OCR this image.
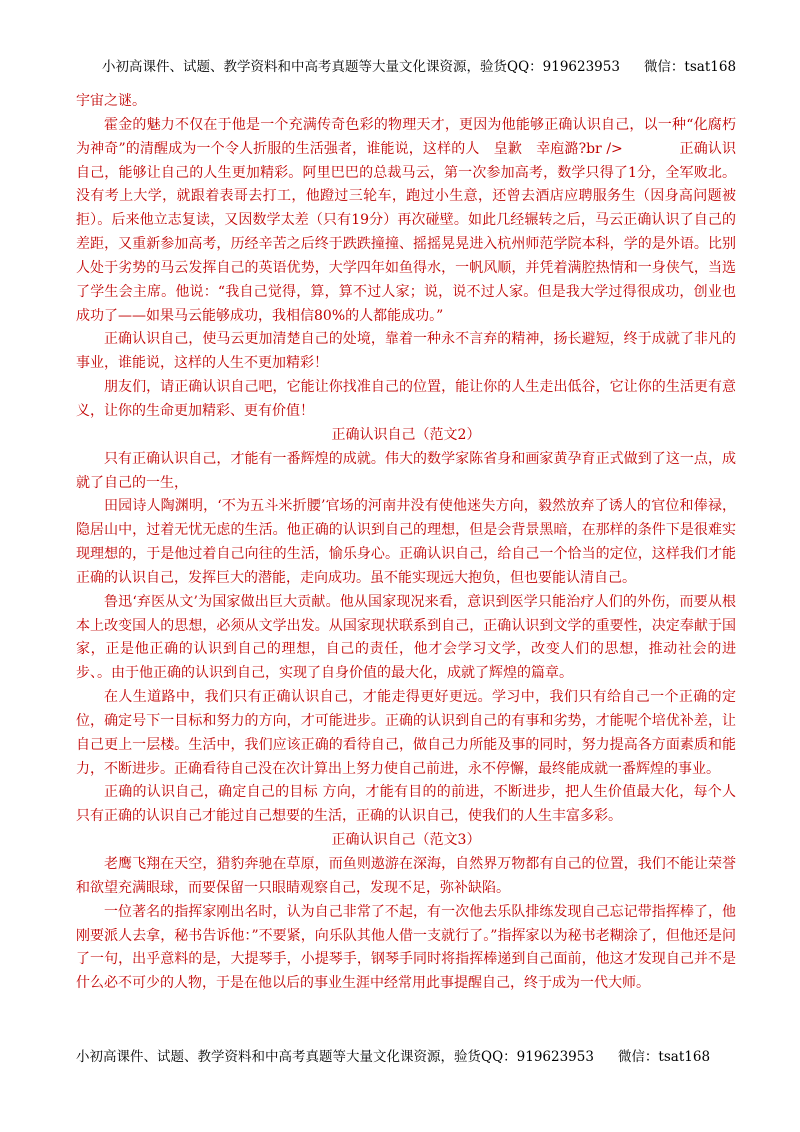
小初高课件、试题、教学资料和中高考真题等大量文化课资源，验货QQ：919623953 微信：tsat168

宇宙之谜。

霍金的魅力不仅在于他是一个充满传奇色彩的物理天才，更因为他能够正确认识自己，以一种“化腐朽为神奇”的清醒成为一个令人折服的生活强者，谁能说，这样的人　皇歉　幸庖潞?br />　　　　正确认识自己，能够让自己的人生更加精彩。阿里巴巴的总裁马云，第一次参加高考，数学只得了1分，全军败北。没有考上大学，就跟着表哥去打工，他蹬过三轮车，跑过小生意，还曾去酒店应聘服务生（因身高问题被拒）。后来他立志复读，又因数学太差（只有19分）再次碰壁。如此几经辗转之后，马云正确认识了自己的差距，又重新参加高考，历经辛苦之后终于跌跌撞撞、摇摇晃晃进入杭州师范学院本科，学的是外语。比别人处于劣势的马云发挥自己的英语优势，大学四年如鱼得水，一帆风顺，并凭着满腔热情和一身侠气，当选了学生会主席。他说：“我自己觉得，算，算不过人家；说，说不过人家。但是我大学过得很成功，创业也成功了——如果马云能够成功，我相信80%的人都能成功。”

正确认识自己，使马云更加清楚自己的处境，靠着一种永不言弃的精神，扬长避短，终于成就了非凡的事业，谁能说，这样的人生不更加精彩！

朋友们，请正确认识自己吧，它能让你找准自己的位置，能让你的人生走出低谷，它让你的生活更有意义，让你的生命更加精彩、更有价值！

正确认识自己（范文2）

只有正确认识自己，才能有一番辉煌的成就。伟大的数学家陈省身和画家黄孕育正式做到了这一点，成就了自己的一生，

田园诗人陶渊明，‘不为五斗米折腰’官场的河南井没有使他迷失方向，毅然放弃了诱人的官位和俸禄，隐居山中，过着无忧无虑的生活。他正确的认识到自己的理想，但是会背景黑暗，在那样的条件下是很难实现理想的，于是他过着自己向往的生活，愉乐身心。正确认识自己，给自己一个恰当的定位，这样我们才能正确的认识自己，发挥巨大的潜能，走向成功。虽不能实现远大抱负，但也要能认清自己。

鲁迅‘弃医从文’为国家做出巨大贡献。他从国家现况来看，意识到医学只能治疗人们的外伤，而要从根本上改变国人的思想，必须从文学出发。从国家现状联系到自己，正确认识到文学的重要性，决定奉献于国家，正是他正确的认识到自己的理想，自己的责任，他才会学习文学，改变人们的思想，推动社会的进步、。由于他正确的认识到自己，实现了自身价值的最大化，成就了辉煌的篇章。

在人生道路中，我们只有正确认识自己，才能走得更好更远。学习中，我们只有给自己一个正确的定位，确定号下一目标和努力的方向，才可能进步。正确的认识到自己的有事和劣势，才能呢个培优补差，让自己更上一层楼。生活中，我们应该正确的看待自己，做自己力所能及事的同时，努力提高各方面素质和能力，不断进步。正确看待自己没在次计算出上努力使自己前进，永不停懈，最终能成就一番辉煌的事业。

正确的认识自己，确定自己的目标 方向，才能有目的的前进，不断进步，把人生价值最大化，每个人只有正确的认识自己才能过自己想要的生活，正确的认识自己，使我们的人生丰富多彩。

正确认识自己（范文3）

老鹰飞翔在天空，猎豹奔驰在草原，而鱼则遨游在深海，自然界万物都有自己的位置，我们不能让荣誉和欲望充满眼球，而要保留一只眼睛观察自己，发现不足，弥补缺陷。

一位著名的指挥家刚出名时，认为自己非常了不起，有一次他去乐队排练发现自己忘记带指挥棒了，他刚要派人去拿，秘书告诉他：”不要紧，向乐队其他人借一支就行了。”指挥家以为秘书老糊涂了，但他还是问了一句，出乎意料的是，大提琴手，小提琴手，钢琴手同时将指挥棒递到自己面前，他这才发现自己并不是什么必不可少的人物，于是在他以后的事业生涯中经常用此事提醒自己，终于成为一代大师。

小初高课件、试题、教学资料和中高考真题等大量文化课资源，验货QQ：919623953 微信：tsat168
